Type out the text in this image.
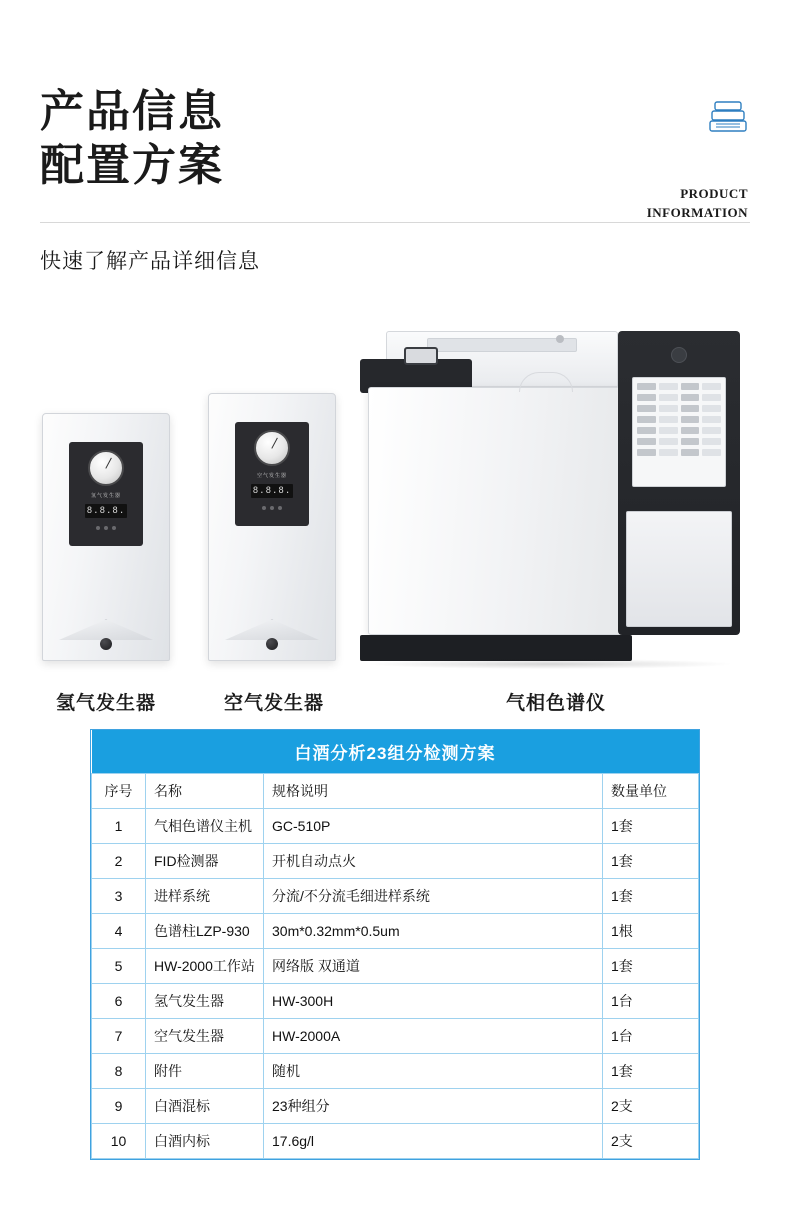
产品信息
配置方案
PRODUCT
INFORMATION
快速了解产品详细信息
氢气发生器
8.8.8.
空气发生器
8.8.8.
氢气发生器	空气发生器	气相色谱仪
白酒分析23组分检测方案			
序号	名称	规格说明	数量单位
1	气相色谱仪主机	GC-510P	1套
2	FID检测器	开机自动点火	1套
3	进样系统	分流/不分流毛细进样系统	1套
4	色谱柱LZP-930	30m*0.32mm*0.5um	1根
5	HW-2000工作站	网络版 双通道	1套
6	氢气发生器	HW-300H	1台
7	空气发生器	HW-2000A	1台
8	附件	随机	1套
9	白酒混标	23种组分	2支
10	白酒内标	17.6g/l	2支
